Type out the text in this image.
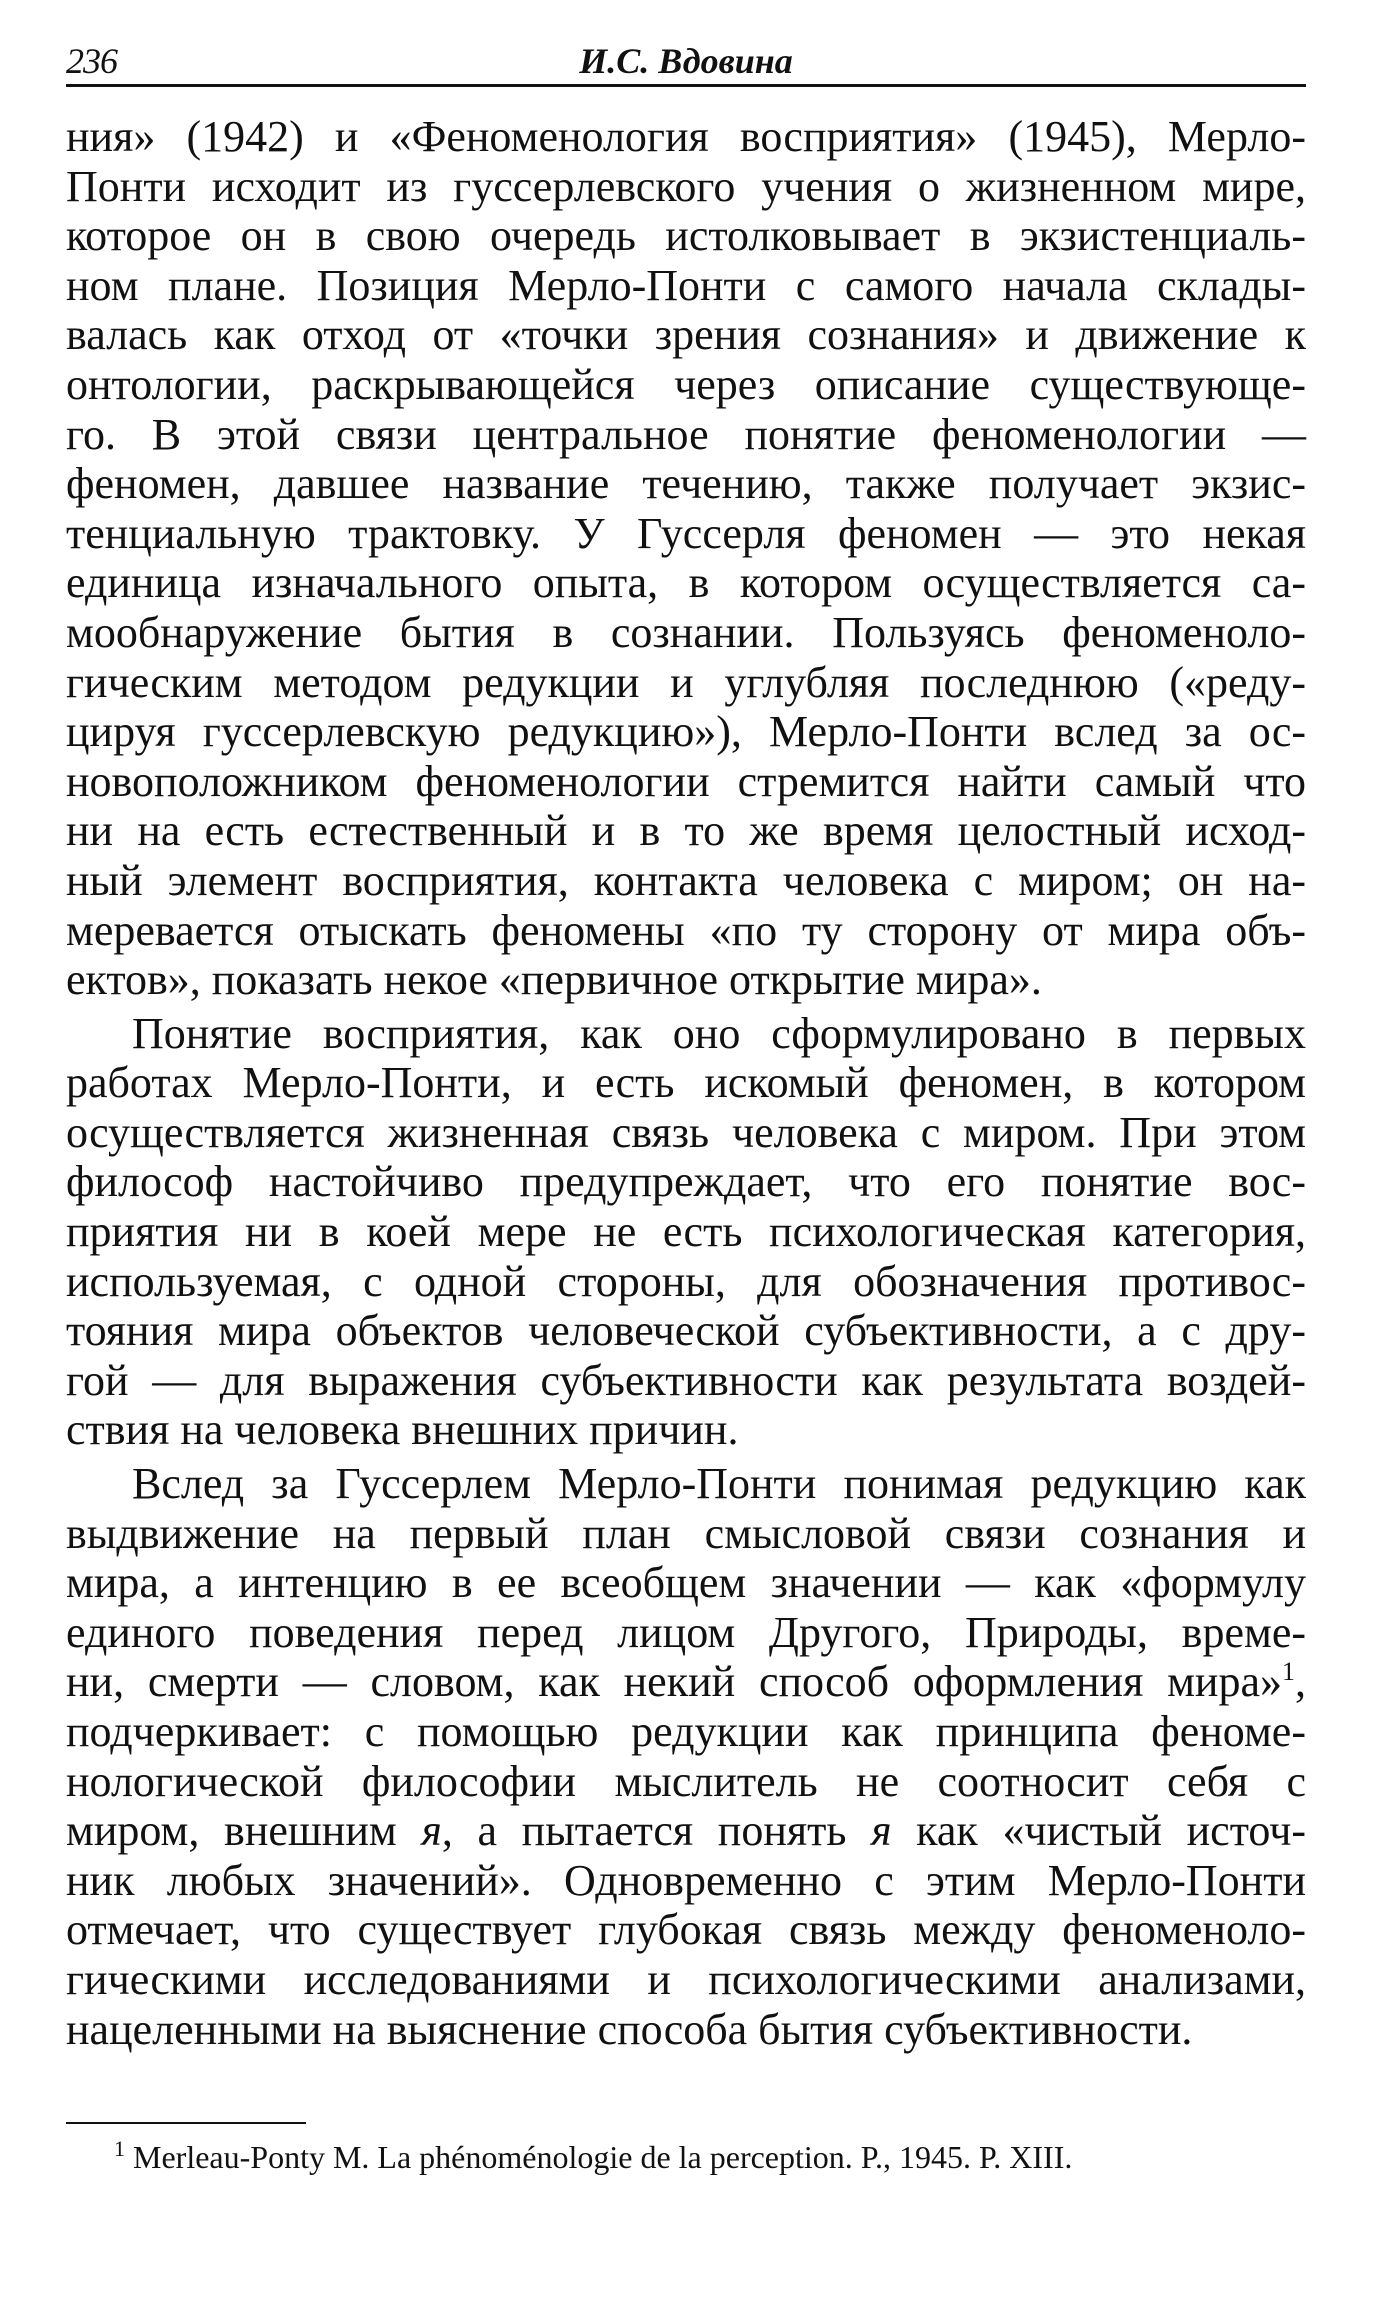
236	И.С. Вдовина
ния» (1942) и «Феноменология восприятия» (1945), Мерло-
Понти исходит из гуссерлевского учения о жизненном мире,
которое он в свою очередь истолковывает в экзистенциаль-
ном плане. Позиция Мерло-Понти с самого начала склады-
валась как отход от «точки зрения сознания» и движение к
онтологии, раскрывающейся через описание существующе-
го. В этой связи центральное понятие феноменологии —
феномен, давшее название течению, также получает экзис-
тенциальную трактовку. У Гуссерля феномен — это некая
единица изначального опыта, в котором осуществляется са-
мообнаружение бытия в сознании. Пользуясь феноменоло-
гическим методом редукции и углубляя последнюю («реду-
цируя гуссерлевскую редукцию»), Мерло-Понти вслед за ос-
новоположником феноменологии стремится найти самый что
ни на есть естественный и в то же время целостный исход-
ный элемент восприятия, контакта человека с миром; он на-
меревается отыскать феномены «по ту сторону от мира объ-
ектов», показать некое «первичное открытие мира».
Понятие восприятия, как оно сформулировано в первых
работах Мерло-Понти, и есть искомый феномен, в котором
осуществляется жизненная связь человека с миром. При этом
философ настойчиво предупреждает, что его понятие вос-
приятия ни в коей мере не есть психологическая категория,
используемая, с одной стороны, для обозначения противос-
тояния мира объектов человеческой субъективности, а с дру-
гой — для выражения субъективности как результата воздей-
ствия на человека внешних причин.
Вслед за Гуссерлем Мерло-Понти понимая редукцию как
выдвижение на первый план смысловой связи сознания и
мира, а интенцию в ее всеобщем значении — как «формулу
единого поведения перед лицом Другого, Природы, време-
ни, смерти — словом, как некий способ оформления мира»$^1$,
подчеркивает: с помощью редукции как принципа феноме-
нологической философии мыслитель не соотносит себя с
миром, внешним я, а пытается понять я как «чистый источ-
ник любых значений». Одновременно с этим Мерло-Понти
отмечает, что существует глубокая связь между феноменоло-
гическими исследованиями и психологическими анализами,
нацеленными на выяснение способа бытия субъективности.
$^1$ Merleau-Ponty M. La phénoménologie de la perception. P., 1945. P. XIII.
